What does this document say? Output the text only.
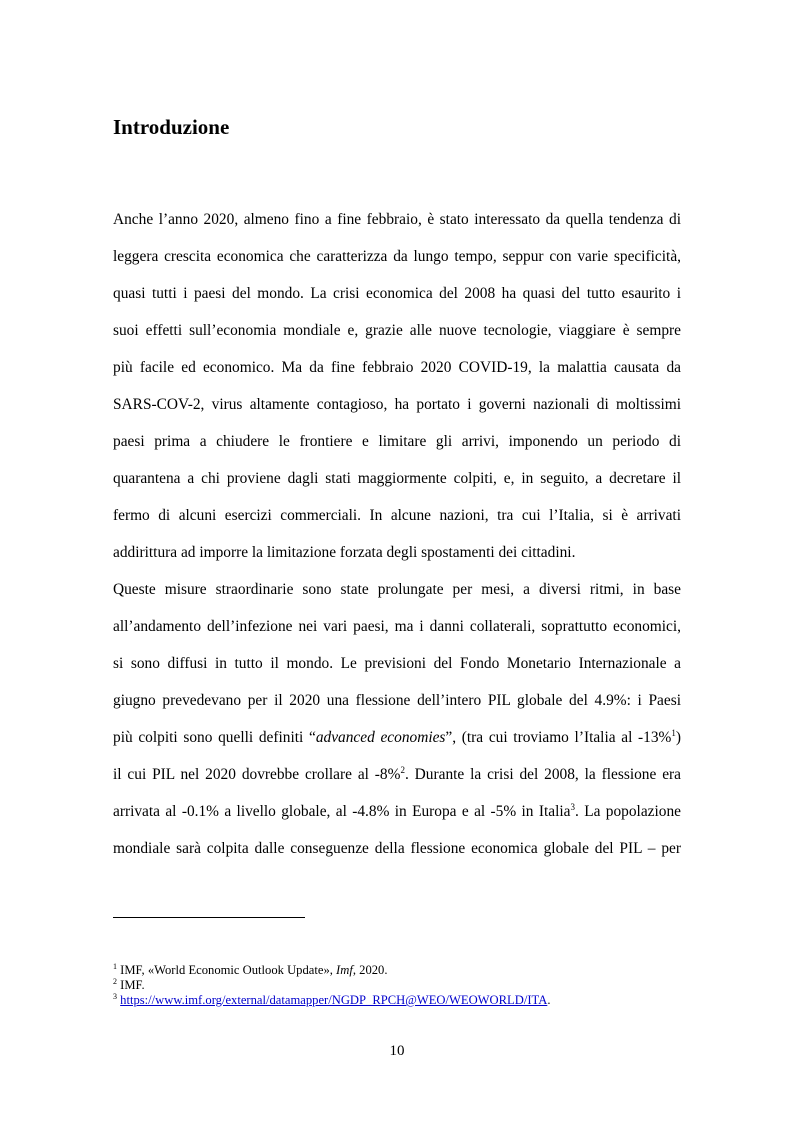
Introduzione
Anche l’anno 2020, almeno fino a fine febbraio, è stato interessato da quella tendenza di
leggera crescita economica che caratterizza da lungo tempo, seppur con varie specificità,
quasi tutti i paesi del mondo. La crisi economica del 2008 ha quasi del tutto esaurito i
suoi effetti sull’economia mondiale e, grazie alle nuove tecnologie, viaggiare è sempre
più facile ed economico. Ma da fine febbraio 2020 COVID-19, la malattia causata da
SARS-COV-2, virus altamente contagioso, ha portato i governi nazionali di moltissimi
paesi prima a chiudere le frontiere e limitare gli arrivi, imponendo un periodo di
quarantena a chi proviene dagli stati maggiormente colpiti, e, in seguito, a decretare il
fermo di alcuni esercizi commerciali. In alcune nazioni, tra cui l’Italia, si è arrivati
addirittura ad imporre la limitazione forzata degli spostamenti dei cittadini.
Queste misure straordinarie sono state prolungate per mesi, a diversi ritmi, in base
all’andamento dell’infezione nei vari paesi, ma i danni collaterali, soprattutto economici,
si sono diffusi in tutto il mondo. Le previsioni del Fondo Monetario Internazionale a
giugno prevedevano per il 2020 una flessione dell’intero PIL globale del 4.9%: i Paesi
più colpiti sono quelli definiti “advanced economies”, (tra cui troviamo l’Italia al -13%$^1$)
il cui PIL nel 2020 dovrebbe crollare al -8%$^2$. Durante la crisi del 2008, la flessione era
arrivata al -0.1% a livello globale, al -4.8% in Europa e al -5% in Italia$^3$. La popolazione
mondiale sarà colpita dalle conseguenze della flessione economica globale del PIL – per
$^1$ IMF, «World Economic Outlook Update», Imf, 2020.
$^2$ IMF.
$^3$ https://www.imf.org/external/datamapper/NGDP_RPCH@WEO/WEOWORLD/ITA.
10
